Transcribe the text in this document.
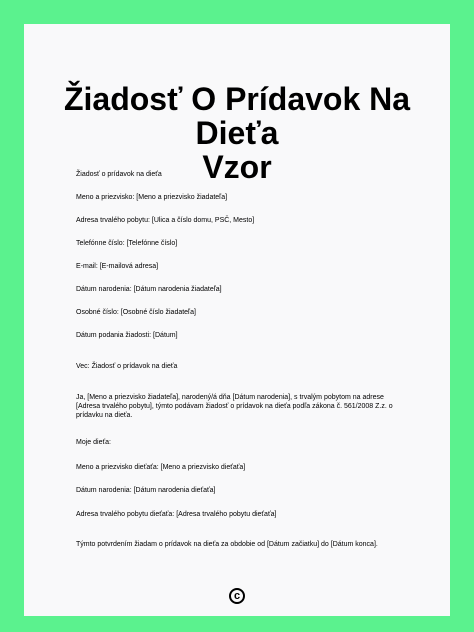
Žiadosť O Prídavok Na Dieťa
Vzor

Žiadosť o prídavok na dieťa

Meno a priezvisko: [Meno a priezvisko žiadateľa]

Adresa trvalého pobytu: [Ulica a číslo domu, PSČ, Mesto]

Telefónne číslo: [Telefónne číslo]

E-mail: [E-mailová adresa]

Dátum narodenia: [Dátum narodenia žiadateľa]

Osobné číslo: [Osobné číslo žiadateľa]

Dátum podania žiadosti: [Dátum]

Vec: Žiadosť o prídavok na dieťa

Ja, [Meno a priezvisko žiadateľa], narodený/á dňa [Dátum narodenia], s trvalým pobytom na adrese [Adresa trvalého pobytu], týmto podávam žiadosť o prídavok na dieťa podľa zákona č. 561/2008 Z.z. o prídavku na dieťa.

Moje dieťa:

Meno a priezvisko dieťaťa: [Meno a priezvisko dieťaťa]

Dátum narodenia: [Dátum narodenia dieťaťa]

Adresa trvalého pobytu dieťaťa: [Adresa trvalého pobytu dieťaťa]

Týmto potvrdením žiadam o prídavok na dieťa za obdobie od [Dátum začiatku] do [Dátum konca].

c
